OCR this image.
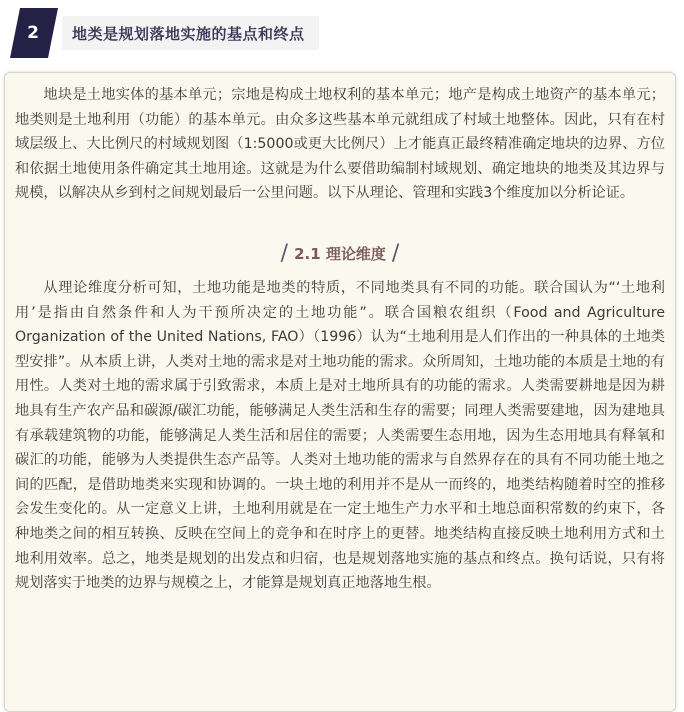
2	地类是规划落地实施的基点和终点

地块是土地实体的基本单元；宗地是构成土地权利的基本单元；地产是构成土地资产的基本单元；地类则是土地利用（功能）的基本单元。由众多这些基本单元就组成了村域土地整体。因此，只有在村域层级上、大比例尺的村域规划图（1:5000或更大比例尺）上才能真正最终精准确定地块的边界、方位和依据土地使用条件确定其土地用途。这就是为什么要借助编制村域规划、确定地块的地类及其边界与规模，以解决从乡到村之间规划最后一公里问题。以下从理论、管理和实践3个维度加以分析论证。

/ 2.1 理论维度 /

从理论维度分析可知，土地功能是地类的特质，不同地类具有不同的功能。联合国认为“‘土地利用’是指由自然条件和人为干预所决定的土地功能”。联合国粮农组织（Food and Agriculture Organization of the United Nations, FAO）（1996）认为“土地利用是人们作出的一种具体的土地类型安排”。从本质上讲，人类对土地的需求是对土地功能的需求。众所周知，土地功能的本质是土地的有用性。人类对土地的需求属于引致需求，本质上是对土地所具有的功能的需求。人类需要耕地是因为耕地具有生产农产品和碳源/碳汇功能，能够满足人类生活和生存的需要；同理人类需要建地，因为建地具有承载建筑物的功能，能够满足人类生活和居住的需要；人类需要生态用地，因为生态用地具有释氧和碳汇的功能，能够为人类提供生态产品等。人类对土地功能的需求与自然界存在的具有不同功能土地之间的匹配，是借助地类来实现和协调的。一块土地的利用并不是从一而终的，地类结构随着时空的推移会发生变化的。从一定意义上讲，土地利用就是在一定土地生产力水平和土地总面积常数的约束下，各种地类之间的相互转换、反映在空间上的竞争和在时序上的更替。地类结构直接反映土地利用方式和土地利用效率。总之，地类是规划的出发点和归宿，也是规划落地实施的基点和终点。换句话说，只有将规划落实于地类的边界与规模之上，才能算是规划真正地落地生根。
